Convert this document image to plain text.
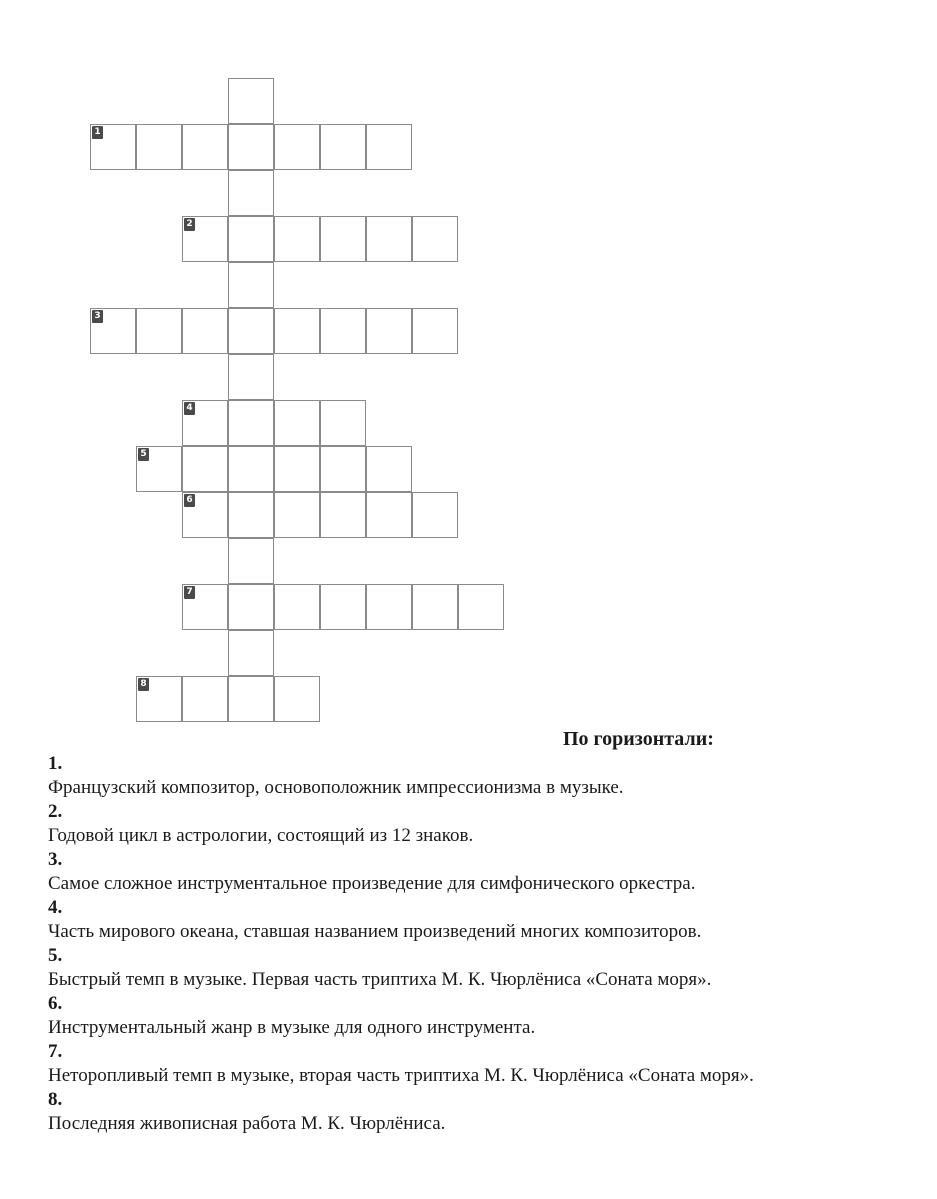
1
2
3
4
5
6
7
8
По горизонтали:
1.
Французский композитор, основоположник импрессионизма в музыке.
2.
Годовой цикл в астрологии, состоящий из 12 знаков.
3.
Самое сложное инструментальное произведение для симфонического оркестра.
4.
Часть мирового океана, ставшая названием произведений многих композиторов.
5.
Быстрый темп в музыке. Первая часть триптиха М. К. Чюрлёниса «Соната моря».
6.
Инструментальный жанр в музыке для одного инструмента.
7.
Неторопливый темп в музыке, вторая часть триптиха М. К. Чюрлёниса «Соната моря».
8.
Последняя живописная работа М. К. Чюрлёниса.
